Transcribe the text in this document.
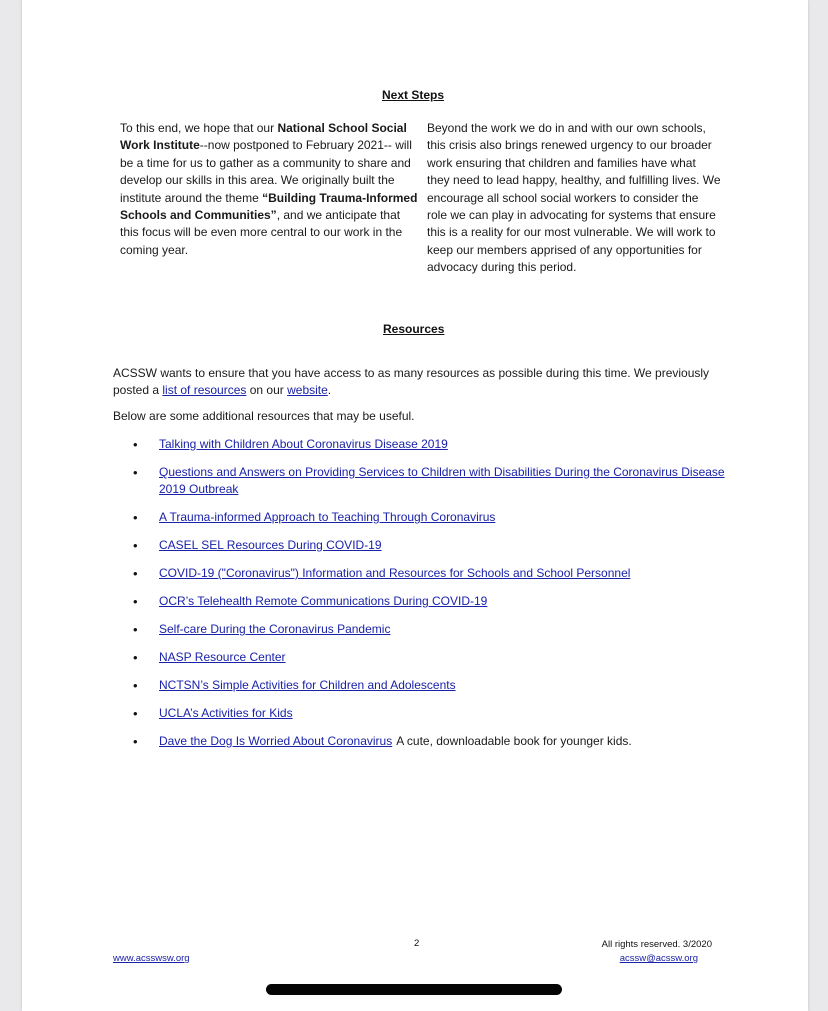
Next Steps
To this end, we hope that our National School Social Work Institute--now postponed to February 2021-- will be a time for us to gather as a community to share and develop our skills in this area. We originally built the institute around the theme “Building Trauma-Informed Schools and Communities”, and we anticipate that this focus will be even more central to our work in the coming year.
Beyond the work we do in and with our own schools, this crisis also brings renewed urgency to our broader work ensuring that children and families have what they need to lead happy, healthy, and fulfilling lives. We encourage all school social workers to consider the role we can play in advocating for systems that ensure this is a reality for our most vulnerable. We will work to keep our members apprised of any opportunities for advocacy during this period.
Resources
ACSSW wants to ensure that you have access to as many resources as possible during this time. We previously posted a list of resources on our website.
Below are some additional resources that may be useful.
• Talking with Children About Coronavirus Disease 2019
• Questions and Answers on Providing Services to Children with Disabilities During the Coronavirus Disease 2019 Outbreak
• A Trauma-informed Approach to Teaching Through Coronavirus
• CASEL SEL Resources During COVID-19
• COVID-19 ("Coronavirus") Information and Resources for Schools and School Personnel
• OCR’s Telehealth Remote Communications During COVID-19
• Self-care During the Coronavirus Pandemic
• NASP Resource Center
• NCTSN’s Simple Activities for Children and Adolescents
• UCLA’s Activities for Kids
• Dave the Dog Is Worried About Coronavirus A cute, downloadable book for younger kids.
www.acsswsw.org
2	All rights reserved. 3/2020
acssw@acssw.org
